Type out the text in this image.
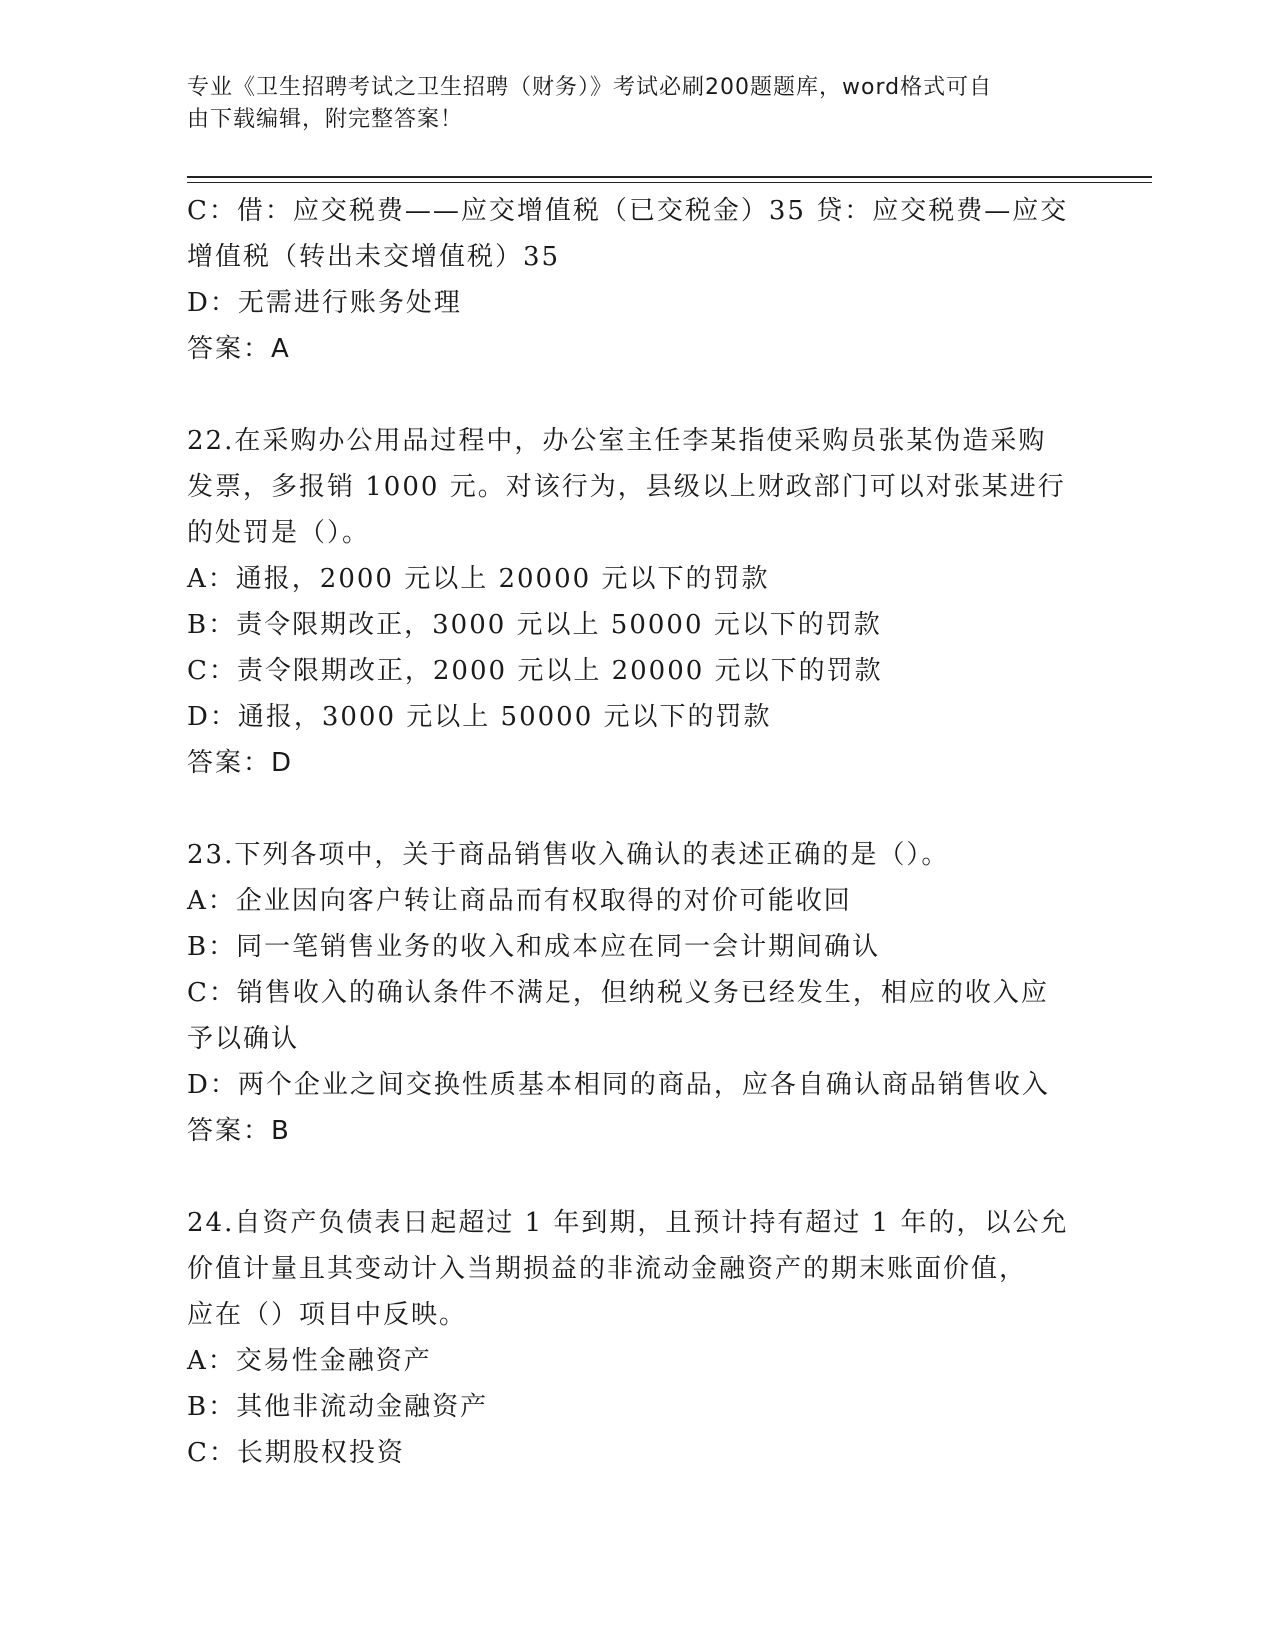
专业《卫生招聘考试之卫生招聘（财务）》考试必刷200题题库，word格式可自
由下载编辑，附完整答案！

C：借：应交税费——应交增值税（已交税金）35 贷：应交税费—应交

增值税（转出未交增值税）35

D：无需进行账务处理

答案：A

22.在采购办公用品过程中，办公室主任李某指使采购员张某伪造采购

发票，多报销 1000 元。对该行为，县级以上财政部门可以对张某进行

的处罚是（）。

A：通报，2000 元以上 20000 元以下的罚款

B：责令限期改正，3000 元以上 50000 元以下的罚款

C：责令限期改正，2000 元以上 20000 元以下的罚款

D：通报，3000 元以上 50000 元以下的罚款

答案：D

23.下列各项中，关于商品销售收入确认的表述正确的是（）。

A：企业因向客户转让商品而有权取得的对价可能收回

B：同一笔销售业务的收入和成本应在同一会计期间确认

C：销售收入的确认条件不满足，但纳税义务已经发生，相应的收入应

予以确认

D：两个企业之间交换性质基本相同的商品，应各自确认商品销售收入

答案：B

24.自资产负债表日起超过 1 年到期，且预计持有超过 1 年的，以公允

价值计量且其变动计入当期损益的非流动金融资产的期末账面价值，

应在（）项目中反映。

A：交易性金融资产

B：其他非流动金融资产

C：长期股权投资
